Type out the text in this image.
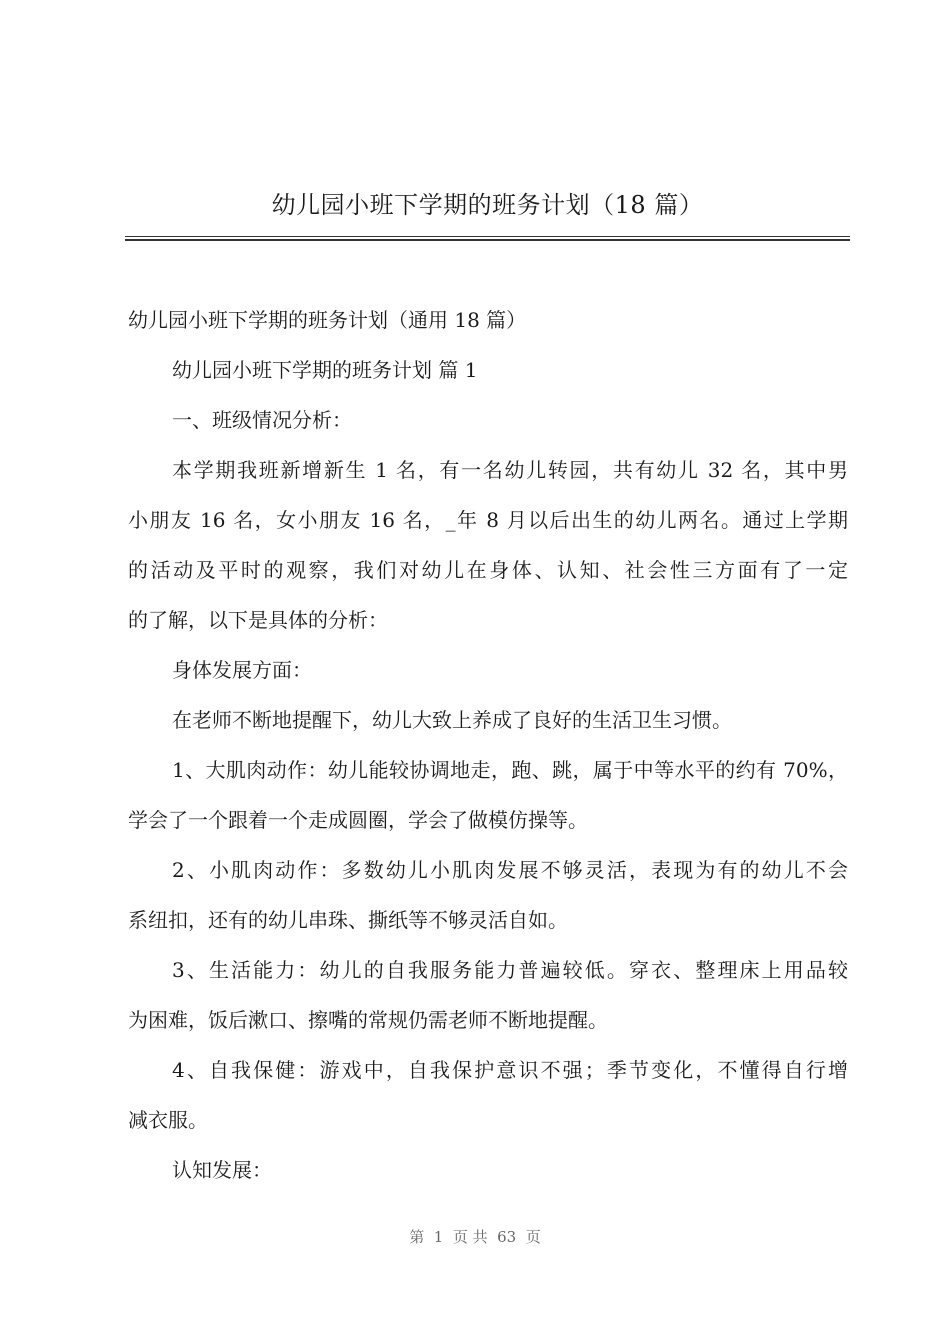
幼儿园小班下学期的班务计划（18 篇）
幼儿园小班下学期的班务计划（通用 18 篇）
幼儿园小班下学期的班务计划 篇 1
一、班级情况分析：
本学期我班新增新生 1 名，有一名幼儿转园，共有幼儿 32 名，其中男
小朋友 16 名，女小朋友 16 名，_年 8 月以后出生的幼儿两名。通过上学期
的活动及平时的观察，我们对幼儿在身体、认知、社会性三方面有了一定
的了解，以下是具体的分析：
身体发展方面：
在老师不断地提醒下，幼儿大致上养成了良好的生活卫生习惯。
1、大肌肉动作：幼儿能较协调地走，跑、跳，属于中等水平的约有 70%，
学会了一个跟着一个走成圆圈，学会了做模仿操等。
2、小肌肉动作：多数幼儿小肌肉发展不够灵活，表现为有的幼儿不会
系纽扣，还有的幼儿串珠、撕纸等不够灵活自如。
3、生活能力：幼儿的自我服务能力普遍较低。穿衣、整理床上用品较
为困难，饭后漱口、擦嘴的常规仍需老师不断地提醒。
4、自我保健：游戏中，自我保护意识不强；季节变化，不懂得自行增
减衣服。
认知发展：
第  1  页 共  63  页
